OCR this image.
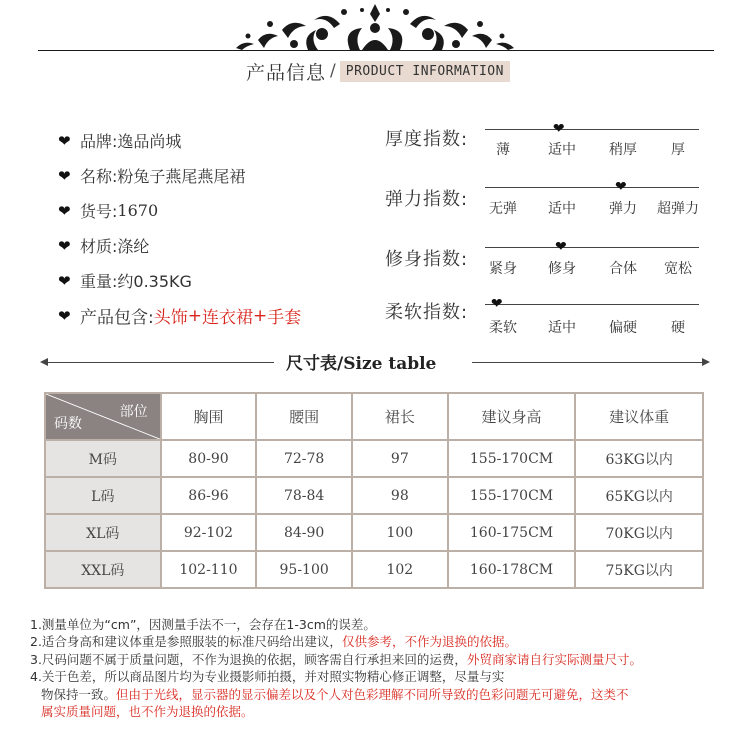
产品信息 / PRODUCT INFORMATION
❤ 品牌: 逸品尚城
❤ 名称: 粉兔子燕尾燕尾裙
❤ 货号: 1670
❤ 材质: 涤纶
❤ 重量: 约0.35KG
❤ 产品包含: 头饰 + 连衣裙 + 手套
厚度指数:	❤
薄	适中 稍厚 厚
弹力指数:
❤
无弹 适中 弹力 超弹力
修身指数:
❤
紧身 修身 合体 宽松
柔软指数: ❤
柔软 适中 偏硬 硬
尺寸表/Size table
部位
码数	胸围	腰围	裙长	建议身高	建议体重
M码	80-90	72-78	97	155-170CM	63KG以内
L码	86-96	78-84	98	155-170CM	65KG以内
XL码	92-102	84-90	100	160-175CM	70KG以内
XXL码	102-110	95-100	102	160-178CM	75KG以内

1.测量单位为“cm”，因测量手法不一，会存在1-3cm的误差。

2.适合身高和建议体重是参照服装的标准尺码给出建议，仅供参考，不作为退换的依据。

3.尺码问题不属于质量问题，不作为退换的依据，顾客需自行承担来回的运费，外贸商家请自行实际测量尺寸。

4.关于色差，所以商品图片均为专业摄影师拍摄，并对照实物精心修正调整，尽量与实

物保持一致。但由于光线，显示器的显示偏差以及个人对色彩理解不同所导致的色彩问题无可避免，这类不

属实质量问题，也不作为退换的依据。
